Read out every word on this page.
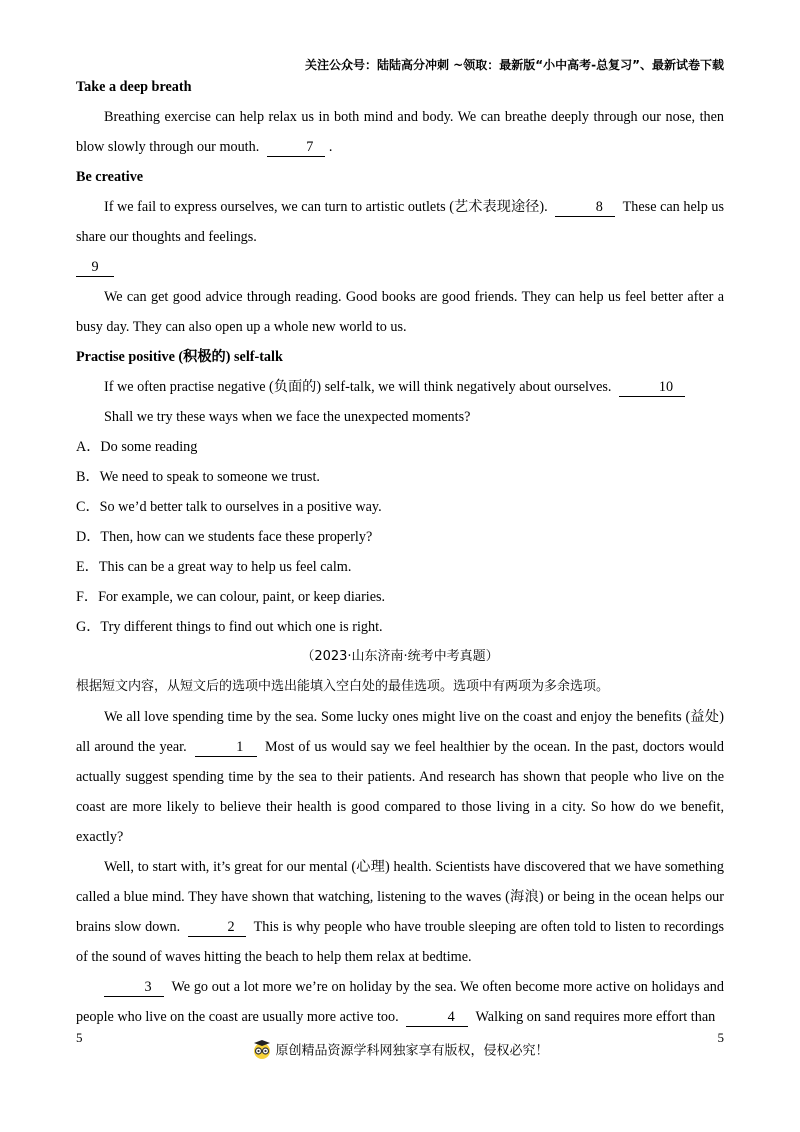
关注公众号：陆陆高分冲刺 ~领取：最新版“小中高考-总复习”、最新试卷下载

Take a deep breath

Breathing exercise can help relax us in both mind and body. We can breathe deeply through our nose, then blow slowly through our mouth.	7 .

Be creative

If we fail to express ourselves, we can turn to artistic outlets (艺术表现途径).	8 These can help us share our thoughts and feelings.

9

We can get good advice through reading. Good books are good friends. They can help us feel better after a busy day. They can also open up a whole new world to us.

Practise positive (积极的) self-talk

If we often practise negative (负面的) self-talk, we will think negatively about ourselves.	10

Shall we try these ways when we face the unexpected moments?

A．Do some reading

B．We need to speak to someone we trust.

C．So we’d better talk to ourselves in a positive way.

D．Then, how can we students face these properly?

E．This can be a great way to help us feel calm.

F．For example, we can colour, paint, or keep diaries.

G．Try different things to find out which one is right.

（2023·山东济南·统考中考真题）

根据短文内容，从短文后的选项中选出能填入空白处的最佳选项。选项中有两项为多余选项。

We all love spending time by the sea. Some lucky ones might live on the coast and enjoy the benefits (益处) all around the year.	1 Most of us would say we feel healthier by the ocean. In the past, doctors would actually suggest spending time by the sea to their patients. And research has shown that people who live on the coast are more likely to believe their health is good compared to those living in a city. So how do we benefit, exactly?

Well, to start with, it’s great for our mental (心理) health. Scientists have discovered that we have something called a blue mind. They have shown that watching, listening to the waves (海浪) or being in the ocean helps our brains slow down.	2 This is why people who have trouble sleeping are often told to listen to recordings of the sound of waves hitting the beach to help them relax at bedtime.

3 We go out a lot more we’re on holiday by the sea. We often become more active on holidays and people who live on the coast are usually more active too.	4 Walking on sand requires more effort than

5	5
原创精品资源学科网独家享有版权，侵权必究！
